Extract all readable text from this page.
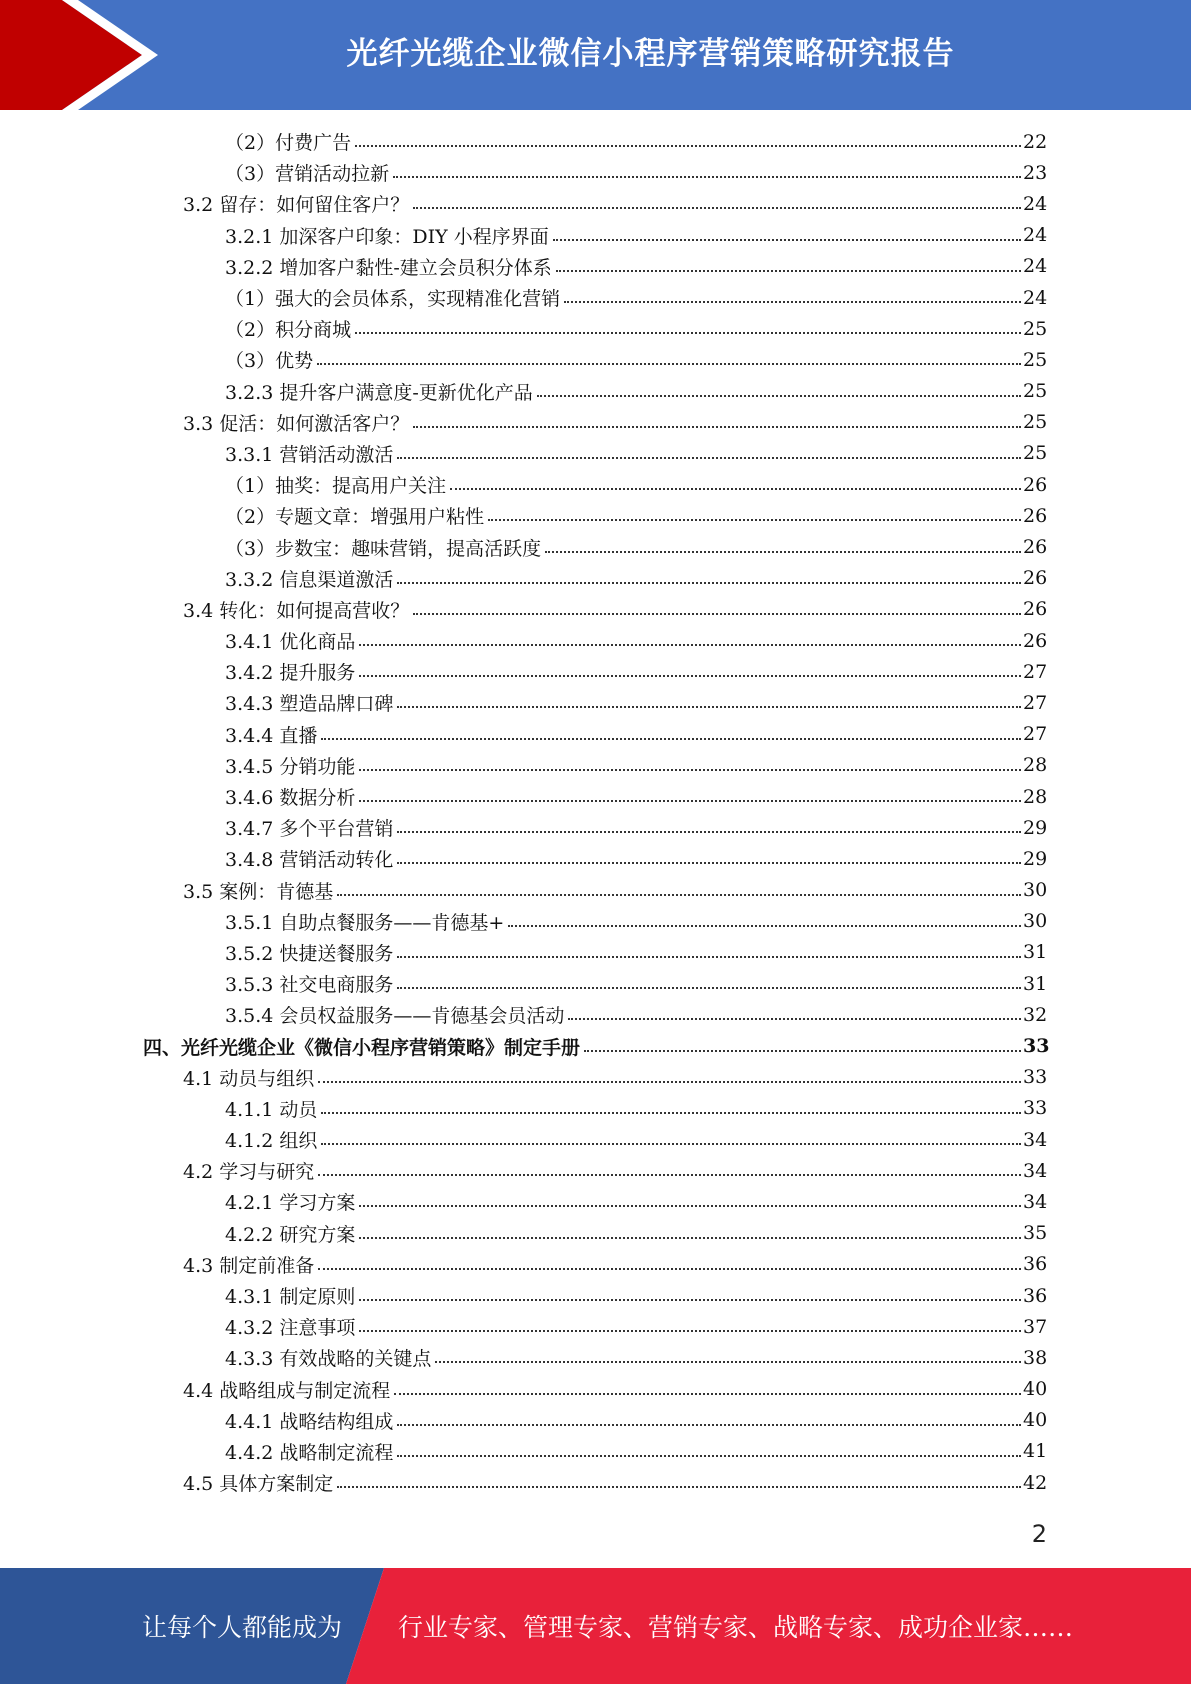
光纤光缆企业微信小程序营销策略研究报告
（2）付费广告	22
（3）营销活动拉新	23
3.2 留存：如何留住客户？	24
3.2.1 加深客户印象：DIY 小程序界面	24
3.2.2 增加客户黏性-建立会员积分体系	24
（1）强大的会员体系，实现精准化营销	24
（2）积分商城	25
（3）优势	25
3.2.3 提升客户满意度-更新优化产品	25
3.3 促活：如何激活客户？	25
3.3.1 营销活动激活	25
（1）抽奖：提高用户关注	26
（2）专题文章：增强用户粘性	26
（3）步数宝：趣味营销，提高活跃度	26
3.3.2 信息渠道激活	26
3.4 转化：如何提高营收？	26
3.4.1 优化商品	26
3.4.2 提升服务	27
3.4.3 塑造品牌口碑	27
3.4.4 直播	27
3.4.5 分销功能	28
3.4.6 数据分析	28
3.4.7 多个平台营销	29
3.4.8 营销活动转化	29
3.5 案例：肯德基	30
3.5.1 自助点餐服务——肯德基+	30
3.5.2 快捷送餐服务	31
3.5.3 社交电商服务	31
3.5.4 会员权益服务——肯德基会员活动	32
四、光纤光缆企业《微信小程序营销策略》制定手册	33
4.1 动员与组织	33
4.1.1 动员	33
4.1.2 组织	34
4.2 学习与研究	34
4.2.1 学习方案	34
4.2.2 研究方案	35
4.3 制定前准备	36
4.3.1 制定原则	36
4.3.2 注意事项	37
4.3.3 有效战略的关键点	38
4.4 战略组成与制定流程	40
4.4.1 战略结构组成	40
4.4.2 战略制定流程	41
4.5 具体方案制定	42
2
让每个人都能成为 行业专家、管理专家、营销专家、战略专家、成功企业家……
